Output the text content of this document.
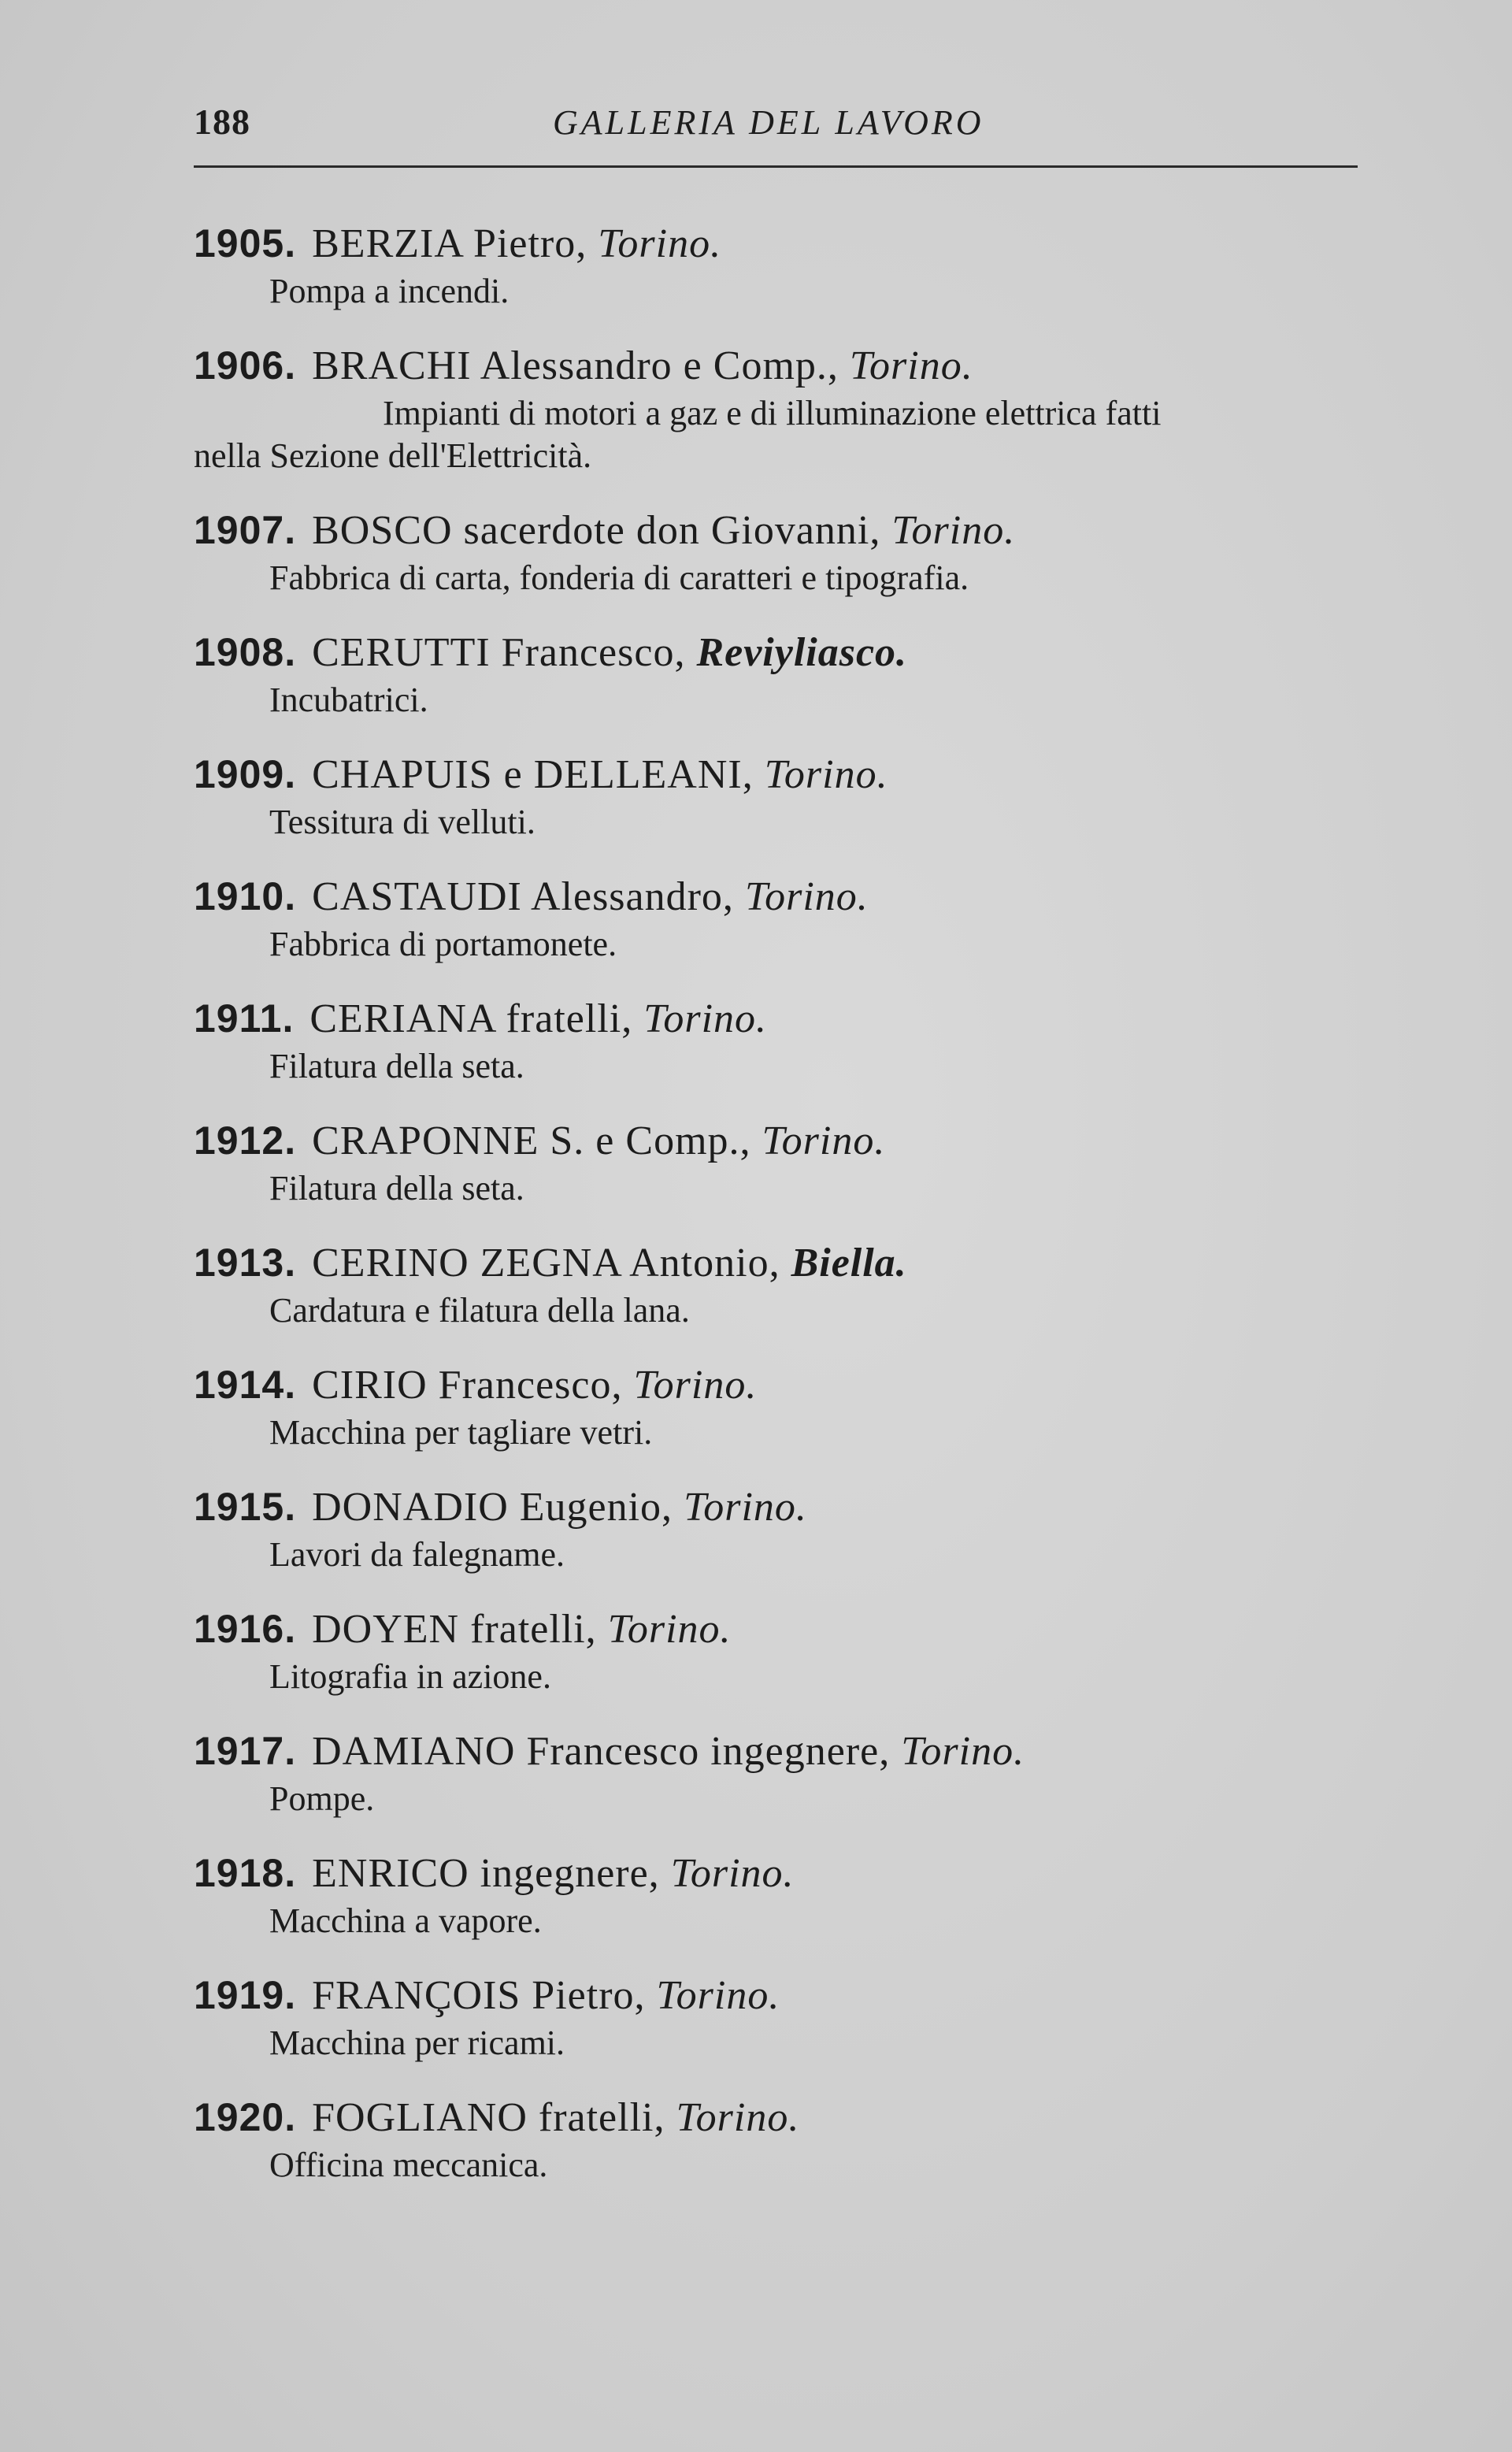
188	GALLERIA DEL LAVORO
1905. BERZIA Pietro, Torino.
Pompa a incendi.
1906. BRACHI Alessandro e Comp., Torino.
Impianti di motori a gaz e di illuminazione elettrica fatti
nella Sezione dell'Elettricità.
1907. BOSCO sacerdote don Giovanni, Torino.
Fabbrica di carta, fonderia di caratteri e tipografia.
1908. CERUTTI Francesco, Reviyliasco.
Incubatrici.
1909. CHAPUIS e DELLEANI, Torino.
Tessitura di velluti.
1910. CASTAUDI Alessandro, Torino.
Fabbrica di portamonete.
1911. CERIANA fratelli, Torino.
Filatura della seta.
1912. CRAPONNE S. e Comp., Torino.
Filatura della seta.
1913. CERINO ZEGNA Antonio, Biella.
Cardatura e filatura della lana.
1914. CIRIO Francesco, Torino.
Macchina per tagliare vetri.
1915. DONADIO Eugenio, Torino.
Lavori da falegname.
1916. DOYEN fratelli, Torino.
Litografia in azione.
1917. DAMIANO Francesco ingegnere, Torino.
Pompe.
1918. ENRICO ingegnere, Torino.
Macchina a vapore.
1919. FRANÇOIS Pietro, Torino.
Macchina per ricami.
1920. FOGLIANO fratelli, Torino.
Officina meccanica.
